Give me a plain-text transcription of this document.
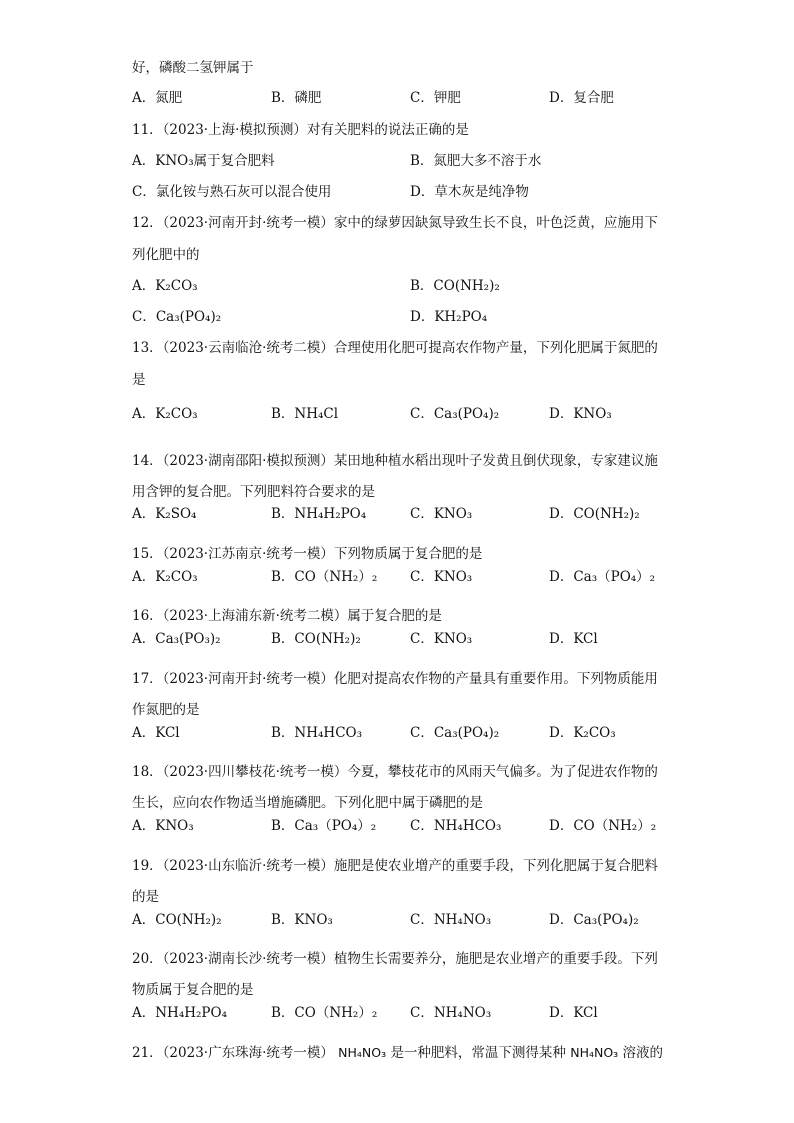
好，磷酸二氢钾属于
11．（2023·上海·模拟预测）对有关肥料的说法正确的是
12．（2023·河南开封·统考一模）家中的绿萝因缺氮导致生长不良，叶色泛黄，应施用下
列化肥中的
13．（2023·云南临沧·统考二模）合理使用化肥可提高农作物产量，下列化肥属于氮肥的
是
14．（2023·湖南邵阳·模拟预测）某田地种植水稻出现叶子发黄且倒伏现象，专家建议施
用含钾的复合肥。下列肥料符合要求的是
15．（2023·江苏南京·统考一模）下列物质属于复合肥的是
16．（2023·上海浦东新·统考二模）属于复合肥的是
17．（2023·河南开封·统考一模）化肥对提高农作物的产量具有重要作用。下列物质能用
作氮肥的是
18．（2023·四川攀枝花·统考一模）今夏，攀枝花市的风雨天气偏多。为了促进农作物的
生长，应向农作物适当增施磷肥。下列化肥中属于磷肥的是
19．（2023·山东临沂·统考一模）施肥是使农业增产的重要手段，下列化肥属于复合肥料
的是
20．（2023·湖南长沙·统考一模）植物生长需要养分，施肥是农业增产的重要手段。下列
物质属于复合肥的是
A．氮肥	B．磷肥	C．钾肥	D．复合肥
A．KNO₃属于复合肥料	B．氮肥大多不溶于水
C．氯化铵与熟石灰可以混合使用	D．草木灰是纯净物
A．K₂CO₃	B．CO(NH₂)₂
C．Ca₃(PO₄)₂	D．KH₂PO₄
A．K₂CO₃	B．NH₄Cl	C．Ca₃(PO₄)₂	D．KNO₃
A．K₂SO₄	B．NH₄H₂PO₄	C．KNO₃	D．CO(NH₂)₂
A．K₂CO₃	B．CO（NH₂）₂ C．KNO₃	D．Ca₃（PO₄）₂
A．Ca₃(PO₃)₂	B．CO(NH₂)₂	C．KNO₃	D．KCl
A．KCl	B．NH₄HCO₃	C．Ca₃(PO₄)₂	D．K₂CO₃
A．KNO₃	B．Ca₃（PO₄）₂	C．NH₄HCO₃	D．CO（NH₂）₂
A．CO(NH₂)₂	B．KNO₃	C．NH₄NO₃	D．Ca₃(PO₄)₂
A．NH₄H₂PO₄	B．CO（NH₂）₂ C．NH₄NO₃	D．KCl
21．（2023·广东珠海·统考一模） NH₄NO₃ 是一种肥料，常温下测得某种 NH₄NO₃ 溶液的
